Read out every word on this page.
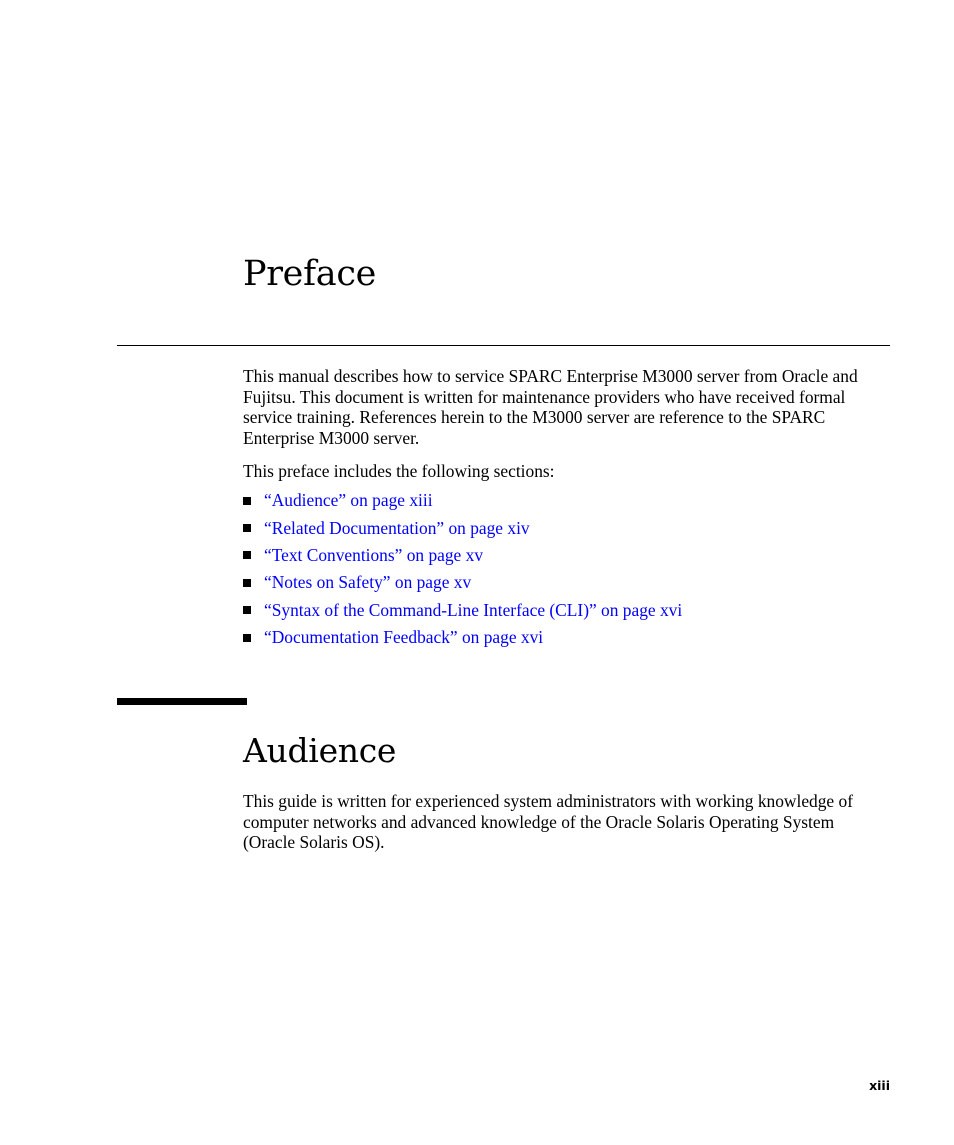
Preface

This manual describes how to service SPARC Enterprise M3000 server from Oracle and Fujitsu. This document is written for maintenance providers who have received formal service training. References herein to the M3000 server are reference to the SPARC Enterprise M3000 server.

This preface includes the following sections:

“Audience” on page xiii
“Related Documentation” on page xiv
“Text Conventions” on page xv
“Notes on Safety” on page xv
“Syntax of the Command-Line Interface (CLI)” on page xvi
“Documentation Feedback” on page xvi
Audience

This guide is written for experienced system administrators with working knowledge of computer networks and advanced knowledge of the Oracle Solaris Operating System (Oracle Solaris OS).

xiii
